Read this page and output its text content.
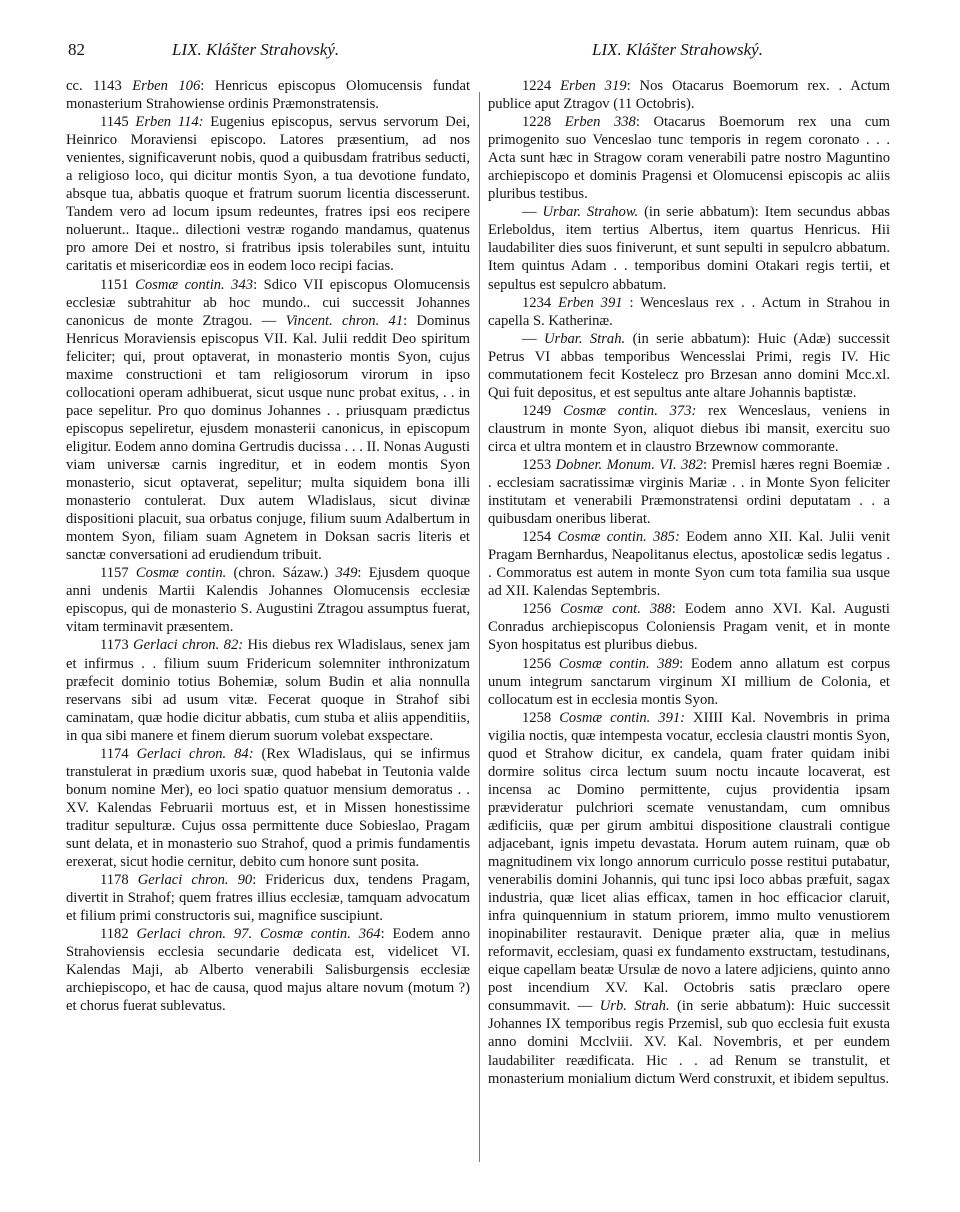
82	LIX. Klášter Strahovský.	LIX. Klášter Strahowský.

cc. 1143 Erben 106: Henricus episcopus Olomucensis fundat monasterium Strahowiense ordinis Præmonstratensis.

1145 Erben 114: Eugenius episcopus, servus servorum Dei, Heinrico Moraviensi episcopo. Latores præsentium, ad nos venientes, significaverunt nobis, quod a quibusdam fratribus seducti, a religioso loco, qui dicitur montis Syon, a tua devotione fundato, absque tua, abbatis quoque et fratrum suorum licentia discesserunt. Tandem vero ad locum ipsum redeuntes, fratres ipsi eos recipere noluerunt.. Itaque.. dilectioni vestræ rogando mandamus, quatenus pro amore Dei et nostro, si fratribus ipsis tolerabiles sunt, intuitu caritatis et misericordiæ eos in eodem loco recipi facias.

1151 Cosmæ contin. 343: Sdico VII episcopus Olomucensis ecclesiæ subtrahitur ab hoc mundo.. cui successit Johannes canonicus de monte Ztragou. — Vincent. chron. 41: Dominus Henricus Moraviensis episcopus VII. Kal. Julii reddit Deo spiritum feliciter; qui, prout optaverat, in monasterio montis Syon, cujus maxime constructioni et tam religiosorum virorum in ipso collocationi operam adhibuerat, sicut usque nunc probat exitus, . . in pace sepelitur. Pro quo dominus Johannes . . priusquam prædictus episcopus sepeliretur, ejusdem monasterii canonicus, in episcopum eligitur. Eodem anno domina Gertrudis ducissa . . . II. Nonas Augusti viam universæ carnis ingreditur, et in eodem montis Syon monasterio, sicut optaverat, sepelitur; multa siquidem bona illi monasterio contulerat. Dux autem Wladislaus, sicut divinæ dispositioni placuit, sua orbatus conjuge, filium suum Adalbertum in montem Syon, filiam suam Agnetem in Doksan sacris literis et sanctæ conversationi ad erudiendum tribuit.

1157 Cosmæ contin. (chron. Sázaw.) 349: Ejusdem quoque anni undenis Martii Kalendis Johannes Olomucensis ecclesiæ episcopus, qui de monasterio S. Augustini Ztragou assumptus fuerat, vitam terminavit præsentem.

1173 Gerlaci chron. 82: His diebus rex Wladislaus, senex jam et infirmus . . filium suum Fridericum solemniter inthronizatum præfecit dominio totius Bohemiæ, solum Budin et alia nonnulla reservans sibi ad usum vitæ. Fecerat quoque in Strahof sibi caminatam, quæ hodie dicitur abbatis, cum stuba et aliis appenditiis, in qua sibi manere et finem dierum suorum volebat exspectare.

1174 Gerlaci chron. 84: (Rex Wladislaus, qui se infirmus transtulerat in prædium uxoris suæ, quod habebat in Teutonia valde bonum nomine Mer), eo loci spatio quatuor mensium demoratus . . XV. Kalendas Februarii mortuus est, et in Missen honestissime traditur sepulturæ. Cujus ossa permittente duce Sobieslao, Pragam sunt delata, et in monasterio suo Strahof, quod a primis fundamentis erexerat, sicut hodie cernitur, debito cum honore sunt posita.

1178 Gerlaci chron. 90: Fridericus dux, tendens Pragam, divertit in Strahof; quem fratres illius ecclesiæ, tamquam advocatum et filium primi constructoris sui, magnifice suscipiunt.

1182 Gerlaci chron. 97. Cosmæ contin. 364: Eodem anno Strahoviensis ecclesia secundarie dedicata est, videlicet VI. Kalendas Maji, ab Alberto venerabili Salisburgensis ecclesiæ archiepiscopo, et hac de causa, quod majus altare novum (motum ?) et chorus fuerat sublevatus.

1224 Erben 319: Nos Otacarus Boemorum rex. . Actum publice aput Ztragov (11 Octobris).

1228 Erben 338: Otacarus Boemorum rex una cum primogenito suo Venceslao tunc temporis in regem coronato . . . Acta sunt hæc in Stragow coram venerabili patre nostro Maguntino archiepiscopo et dominis Pragensi et Olomucensi episcopis ac aliis pluribus testibus.

— Urbar. Strahow. (in serie abbatum): Item secundus abbas Erleboldus, item tertius Albertus, item quartus Henricus. Hii laudabiliter dies suos finiverunt, et sunt sepulti in sepulcro abbatum. Item quintus Adam . . temporibus domini Otakari regis tertii, et sepultus est sepulcro abbatum.

1234 Erben 391 : Wenceslaus rex . . Actum in Strahou in capella S. Katherinæ.

— Urbar. Strah. (in serie abbatum): Huic (Adæ) successit Petrus VI abbas temporibus Wencesslai Primi, regis IV. Hic commutationem fecit Kostelecz pro Brzesan anno domini Mcc.xl. Qui fuit depositus, et est sepultus ante altare Johannis baptistæ.

1249 Cosmæ contin. 373: rex Wenceslaus, veniens in claustrum in monte Syon, aliquot diebus ibi mansit, exercitu suo circa et ultra montem et in claustro Brzewnow commorante.

1253 Dobner. Monum. VI. 382: Premisl hæres regni Boemiæ . . ecclesiam sacratissimæ virginis Mariæ . . in Monte Syon feliciter institutam et venerabili Præmonstratensi ordini deputatam . . a quibusdam oneribus liberat.

1254 Cosmæ contin. 385: Eodem anno XII. Kal. Julii venit Pragam Bernhardus, Neapolitanus electus, apostolicæ sedis legatus . . Commoratus est autem in monte Syon cum tota familia sua usque ad XII. Kalendas Septembris.

1256 Cosmæ cont. 388: Eodem anno XVI. Kal. Augusti Conradus archiepiscopus Coloniensis Pragam venit, et in monte Syon hospitatus est pluribus diebus.

1256 Cosmæ contin. 389: Eodem anno allatum est corpus unum integrum sanctarum virginum XI millium de Colonia, et collocatum est in ecclesia montis Syon.

1258 Cosmæ contin. 391: XIIII Kal. Novembris in prima vigilia noctis, quæ intempesta vocatur, ecclesia claustri montis Syon, quod et Strahow dicitur, ex candela, quam frater quidam inibi dormire solitus circa lectum suum noctu incaute locaverat, est incensa ac Domino permittente, cujus providentia ipsam prævideratur pulchriori scemate venustandam, cum omnibus ædificiis, quæ per girum ambitui dispositione claustrali contigue adjacebant, ignis impetu devastata. Horum autem ruinam, quæ ob magnitudinem vix longo annorum curriculo posse restitui putabatur, venerabilis domini Johannis, qui tunc ipsi loco abbas præfuit, sagax industria, quæ licet alias efficax, tamen in hoc efficacior claruit, infra quinquennium in statum priorem, immo multo venustiorem inopinabiliter restauravit. Denique præter alia, quæ in melius reformavit, ecclesiam, quasi ex fundamento exstructam, testudinans, eique capellam beatæ Ursulæ de novo a latere adjiciens, quinto anno post incendium XV. Kal. Octobris satis præclaro opere consummavit. — Urb. Strah. (in serie abbatum): Huic successit Johannes IX temporibus regis Przemisl, sub quo ecclesia fuit exusta anno domini Mcclviii. XV. Kal. Novembris, et per eundem laudabiliter reædificata. Hic . . ad Renum se transtulit, et monasterium monialium dictum Werd construxit, et ibidem sepultus.
